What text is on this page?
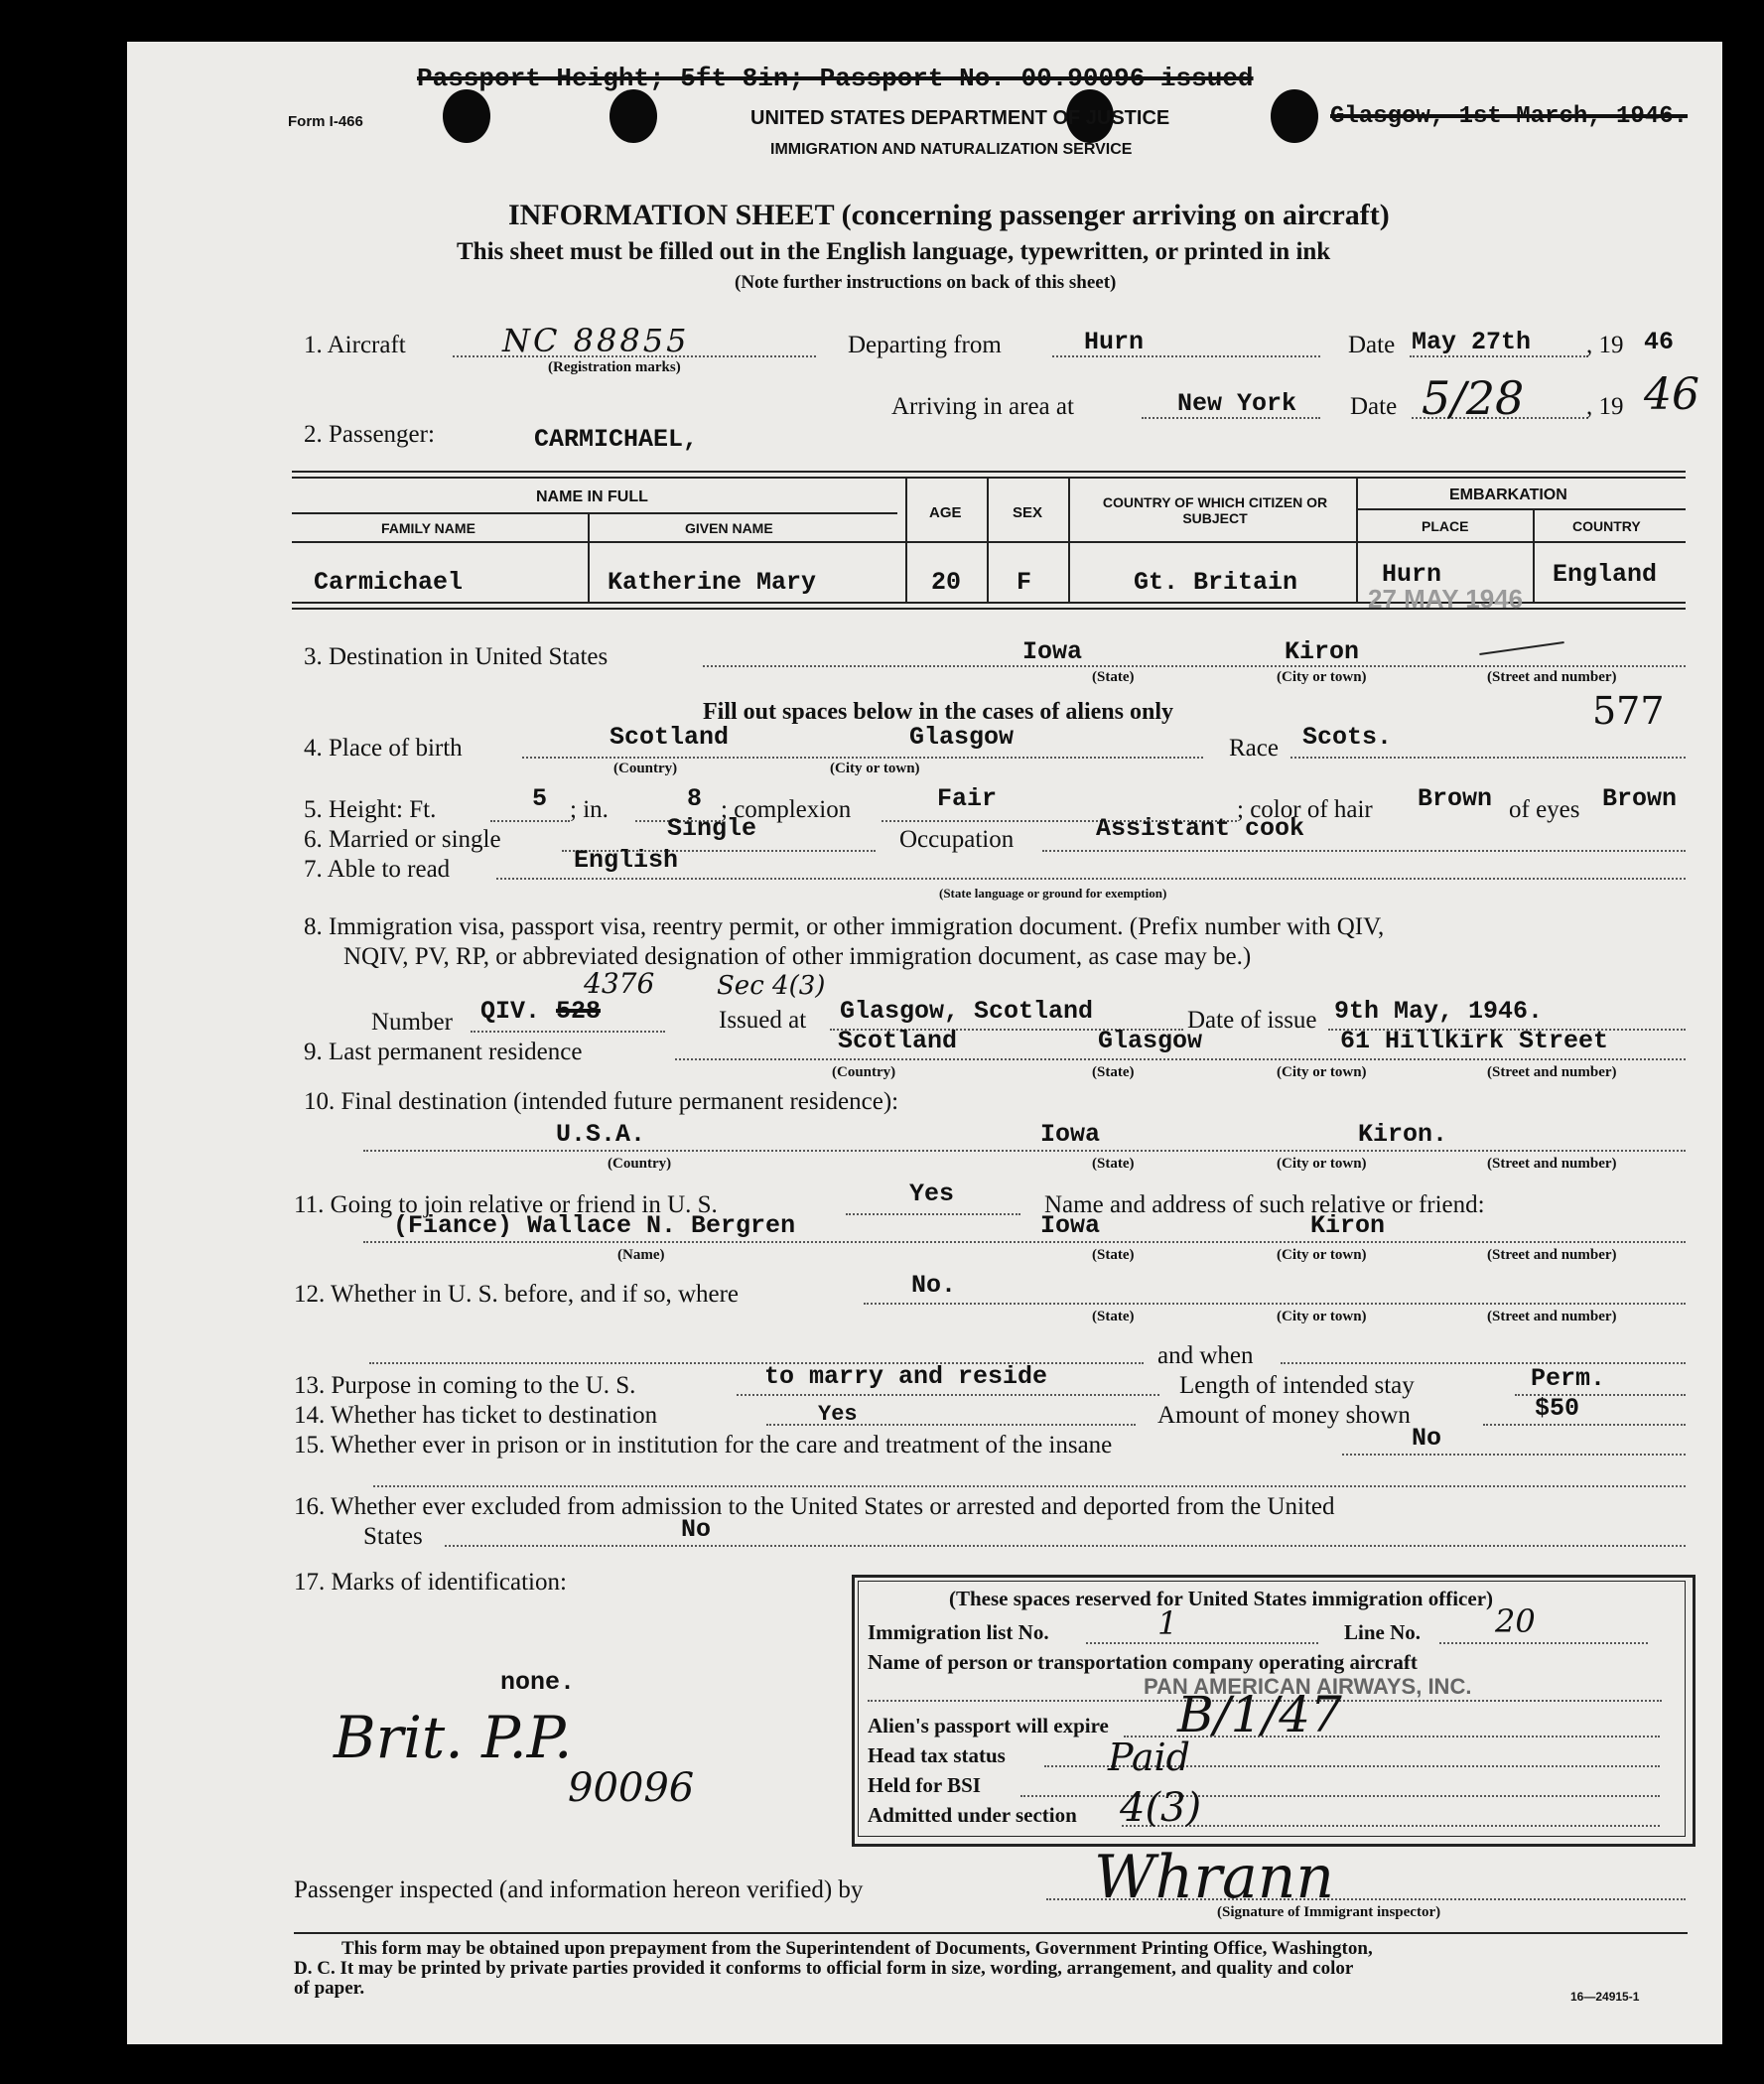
Passport Height; 5ft 8in; Passport No. 00.90096 issued
Glasgow, 1st March, 1946.
Form I-466	UNITED STATES DEPARTMENT OF JUSTICE
IMMIGRATION AND NATURALIZATION SERVICE
INFORMATION SHEET (concerning passenger arriving on aircraft)
This sheet must be filled out in the English language, typewritten, or printed in ink
(Note further instructions on back of this sheet)
1. Aircraft	NC 88855
(Registration marks)
Departing from	Hurn	Date May 27th , 19 46
Arriving in area at	New York Date 5/28	, 19 46
2. Passenger:	CARMICHAEL,
NAME IN FULL
FAMILY NAME	GIVEN NAME
AGE	SEX
COUNTRY OF WHICH CITIZEN OR SUBJECT
EMBARKATION
PLACE	COUNTRY
Carmichael	Katherine Mary	20 F	Gt. Britain	Hurn	England
27 MAY 1946
3. Destination in United States	Iowa	Kiron
(State)	(City or town)	(Street and number)
Fill out spaces below in the cases of aliens only	577
4. Place of birth	Scotland	Glasgow
(Country)	(City or town)
Race Scots.
5. Height: Ft.	5 ; in.	8 ; complexion	Fair	; color of hair Brown of eyes Brown
6. Married or single	Single	Occupation	Assistant cook
7. Able to read	English
(State language or ground for exemption)
8. Immigration visa, passport visa, reentry permit, or other immigration document. (Prefix number with QIV,
NQIV, PV, RP, or abbreviated designation of other immigration document, as case may be.)
Number QIV. 528
4376 Sec 4(3)
Issued at Glasgow, Scotland	Date of issue 9th May, 1946.
9. Last permanent residence	Scotland	Glasgow	61 Hillkirk Street
(Country)	(State)	(City or town)	(Street and number)
10. Final destination (intended future permanent residence):
U.S.A.	Iowa	Kiron.
(Country)	(State)	(City or town)	(Street and number)
11. Going to join relative or friend in U. S.	Yes	Name and address of such relative or friend:
(Fiance) Wallace N. Bergren	Iowa	Kiron
(Name)	(State)	(City or town)	(Street and number)
12. Whether in U. S. before, and if so, where	No.
(State)	(City or town)	(Street and number)
and when
13. Purpose in coming to the U. S.	to marry and reside	Length of intended stay	Perm.
14. Whether has ticket to destination	Yes	Amount of money shown	$50
15. Whether ever in prison or in institution for the care and treatment of the insane	No
16. Whether ever excluded from admission to the United States or arrested and deported from the United
States	No
17. Marks of identification:
none.
Brit. P.P.
90096
(These spaces reserved for United States immigration officer)
Immigration list No.	1	Line No. 20
Name of person or transportation company operating aircraft
PAN AMERICAN AIRWAYS, INC.
Alien's passport will expire B/1/47
Head tax status	Paid
Held for BSI
Admitted under section 4(3)
Passenger inspected (and information hereon verified) by	Whrann
(Signature of Immigrant inspector)
This form may be obtained upon prepayment from the Superintendent of Documents, Government Printing Office, Washington,
D. C. It may be printed by private parties provided it conforms to official form in size, wording, arrangement, and quality and color
of paper.	16—24915-1
